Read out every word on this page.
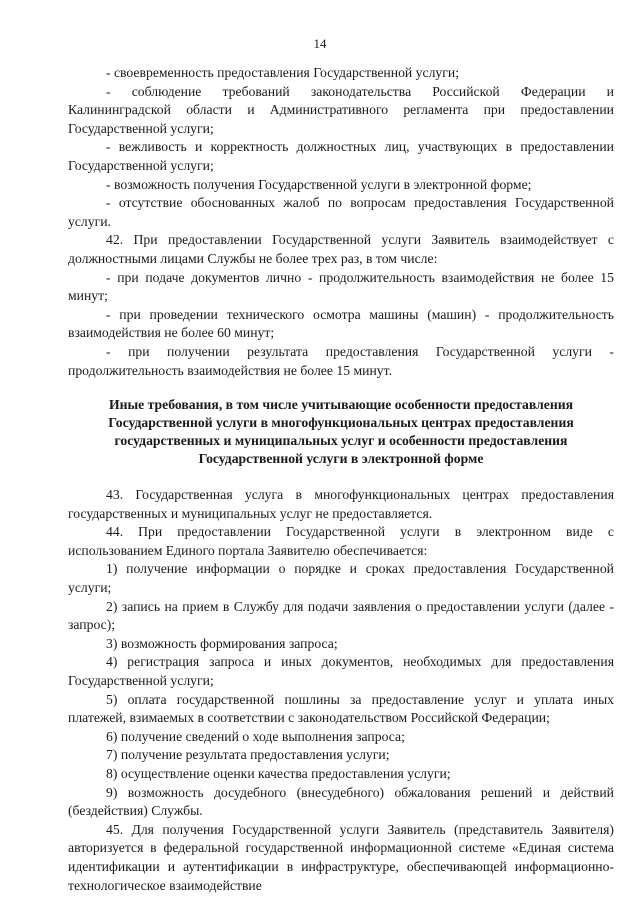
14

- своевременность предоставления Государственной услуги;

- соблюдение требований законодательства Российской Федерации и Калининградской области и Административного регламента при предоставлении Государственной услуги;

- вежливость и корректность должностных лиц, участвующих в предоставлении Государственной услуги;

- возможность получения Государственной услуги в электронной форме;

- отсутствие обоснованных жалоб по вопросам предоставления Государственной услуги.

42. При предоставлении Государственной услуги Заявитель взаимодействует с должностными лицами Службы не более трех раз, в том числе:

- при подаче документов лично - продолжительность взаимодействия не более 15 минут;

- при проведении технического осмотра машины (машин) - продолжительность взаимодействия не более 60 минут;

- при получении результата предоставления Государственной услуги - продолжительность взаимодействия не более 15 минут.

Иные требования, в том числе учитывающие особенности предоставления
Государственной услуги в многофункциональных центрах предоставления
государственных и муниципальных услуг и особенности предоставления
Государственной услуги в электронной форме

43. Государственная услуга в многофункциональных центрах предоставления государственных и муниципальных услуг не предоставляется.

44. При предоставлении Государственной услуги в электронном виде с использованием Единого портала Заявителю обеспечивается:

1) получение информации о порядке и сроках предоставления Государственной услуги;

2) запись на прием в Службу для подачи заявления о предоставлении услуги (далее - запрос);

3) возможность формирования запроса;

4) регистрация запроса и иных документов, необходимых для предоставления Государственной услуги;

5) оплата государственной пошлины за предоставление услуг и уплата иных платежей, взимаемых в соответствии с законодательством Российской Федерации;

6) получение сведений о ходе выполнения запроса;

7) получение результата предоставления услуги;

8) осуществление оценки качества предоставления услуги;

9) возможность досудебного (внесудебного) обжалования решений и действий (бездействия) Службы.

45. Для получения Государственной услуги Заявитель (представитель Заявителя) авторизуется в федеральной государственной информационной системе «Единая система идентификации и аутентификации в инфраструктуре, обеспечивающей информационно-технологическое взаимодействие
